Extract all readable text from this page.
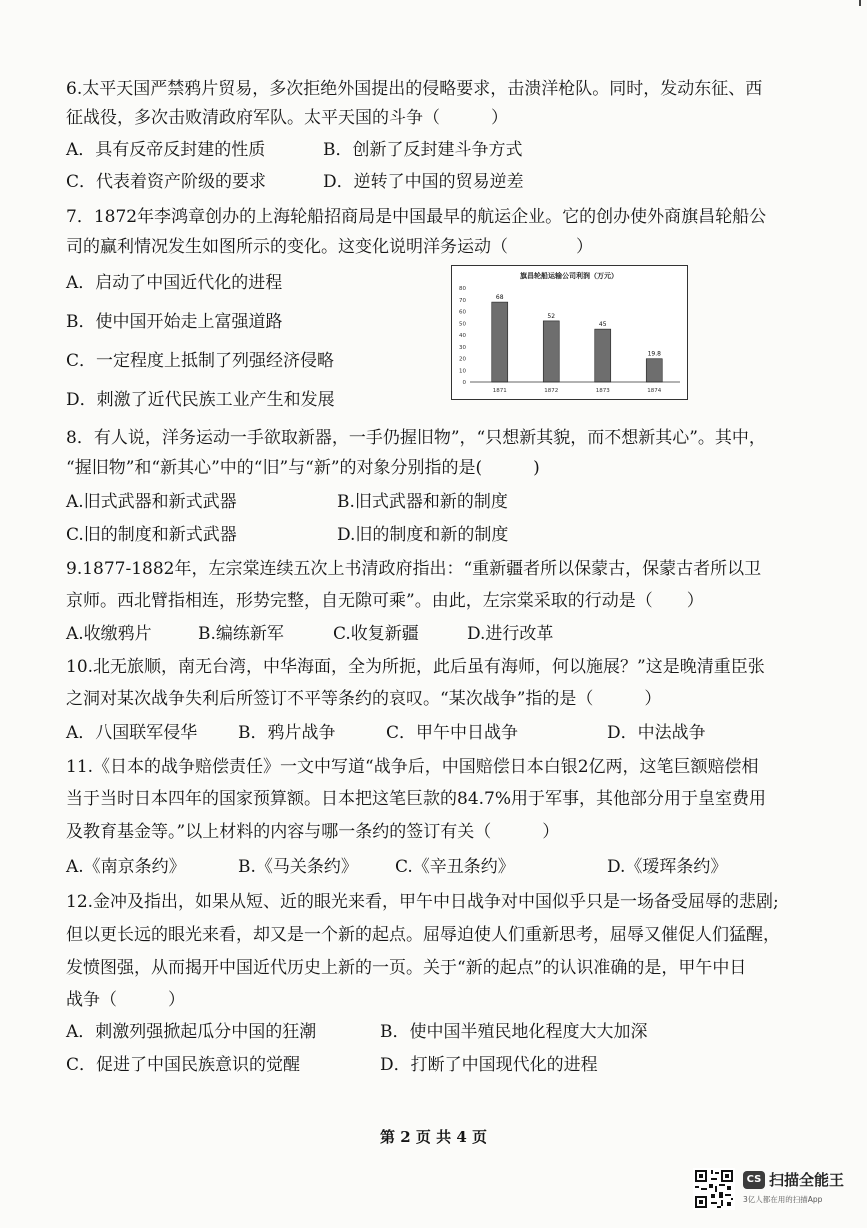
6.太平天国严禁鸦片贸易，多次拒绝外国提出的侵略要求，击溃洋枪队。同时，发动东征、西
征战役，多次击败清政府军队。太平天国的斗争（　　　）
A．具有反帝反封建的性质	B．创新了反封建斗争方式
C．代表着资产阶级的要求	D．逆转了中国的贸易逆差
7．1872年李鸿章创办的上海轮船招商局是中国最早的航运企业。它的创办使外商旗昌轮船公
司的赢利情况发生如图所示的变化。这变化说明洋务运动（　　　　）
A．启动了中国近代化的进程
B．使中国开始走上富强道路
C．一定程度上抵制了列强经济侵略
D．刺激了近代民族工业产生和发展
旗昌轮船运输公司利润（万元）
0
10
20
30
40
50
60
70
80
68
1871
52
1872
45
1873
19.8
1874
8．有人说，洋务运动一手欲取新器，一手仍握旧物”，“只想新其貌，而不想新其心”。其中，
“握旧物”和“新其心”中的“旧”与“新”的对象分别指的是(　　　)
A.旧式武器和新式武器	B.旧式武器和新的制度
C.旧的制度和新式武器	D.旧的制度和新的制度
9.1877-1882年，左宗棠连续五次上书清政府指出：“重新疆者所以保蒙古，保蒙古者所以卫
京师。西北臂指相连，形势完整，自无隙可乘”。由此，左宗棠采取的行动是（　　）
A.收缴鸦片	B.编练新军	C.收复新疆	D.进行改革
10.北无旅顺，南无台湾，中华海面，全为所扼，此后虽有海师，何以施展？”这是晚清重臣张
之洞对某次战争失利后所签订不平等条约的哀叹。“某次战争”指的是（　　　）
A．八国联军侵华 B．鸦片战争	C．甲午中日战争	D．中法战争
11.《日本的战争赔偿责任》一文中写道“战争后，中国赔偿日本白银2亿两，这笔巨额赔偿相
当于当时日本四年的国家预算额。日本把这笔巨款的84.7%用于军事，其他部分用于皇室费用
及教育基金等。”以上材料的内容与哪一条约的签订有关（　　　）
A.《南京条约》	B.《马关条约》 C.《辛丑条约》	D.《瑷珲条约》
12.金冲及指出，如果从短、近的眼光来看，甲午中日战争对中国似乎只是一场备受屈辱的悲剧;
但以更长远的眼光来看，却又是一个新的起点。屈辱迫使人们重新思考，屈辱又催促人们猛醒，
发愤图强，从而揭开中国近代历史上新的一页。关于“新的起点”的认识准确的是，甲午中日
战争（　　　）
A．刺激列强掀起瓜分中国的狂潮	B．使中国半殖民地化程度大大加深
C．促进了中国民族意识的觉醒	D．打断了中国现代化的进程
第 2 页 共 4 页
CS 扫描全能王
3亿人都在用的扫描App
